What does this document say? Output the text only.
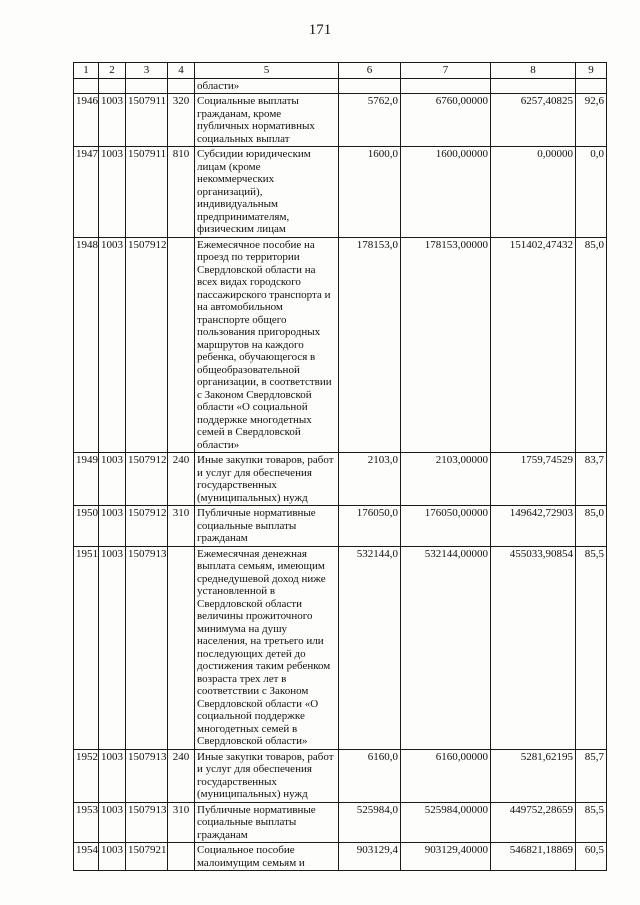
171
1	2	3	4	5	6	7	8	9
				области»				
1946	1003	1507911	320	Социальные выплаты гражданам, кроме публичных нормативных социальных выплат	5762,0	6760,00000	6257,40825	92,6
1947	1003	1507911	810	Субсидии юридическим лицам (кроме некоммерческих организаций), индивидуальным предпринимателям, физическим лицам	1600,0	1600,00000	0,00000	0,0
1948	1003	1507912		Ежемесячное пособие на проезд по территории Свердловской области на всех видах городского пассажирского транспорта и на автомобильном транспорте общего пользования пригородных маршрутов на каждого ребенка, обучающегося в общеобразовательной организации, в соответствии с Законом Свердловской области «О социальной поддержке многодетных семей в Свердловской области»	178153,0	178153,00000	151402,47432	85,0
1949	1003	1507912	240	Иные закупки товаров, работ и услуг для обеспечения государственных (муниципальных) нужд	2103,0	2103,00000	1759,74529	83,7
1950	1003	1507912	310	Публичные нормативные социальные выплаты гражданам	176050,0	176050,00000	149642,72903	85,0
1951	1003	1507913		Ежемесячная денежная выплата семьям, имеющим среднедушевой доход ниже установленной в Свердловской области величины прожиточного минимума на душу населения, на третьего или последующих детей до достижения таким ребенком возраста трех лет в соответствии с Законом Свердловской области «О социальной поддержке многодетных семей в Свердловской области»	532144,0	532144,00000	455033,90854	85,5
1952	1003	1507913	240	Иные закупки товаров, работ и услуг для обеспечения государственных (муниципальных) нужд	6160,0	6160,00000	5281,62195	85,7
1953	1003	1507913	310	Публичные нормативные социальные выплаты гражданам	525984,0	525984,00000	449752,28659	85,5
1954	1003	1507921		Социальное пособие малоимущим семьям и	903129,4	903129,40000	546821,18869	60,5
